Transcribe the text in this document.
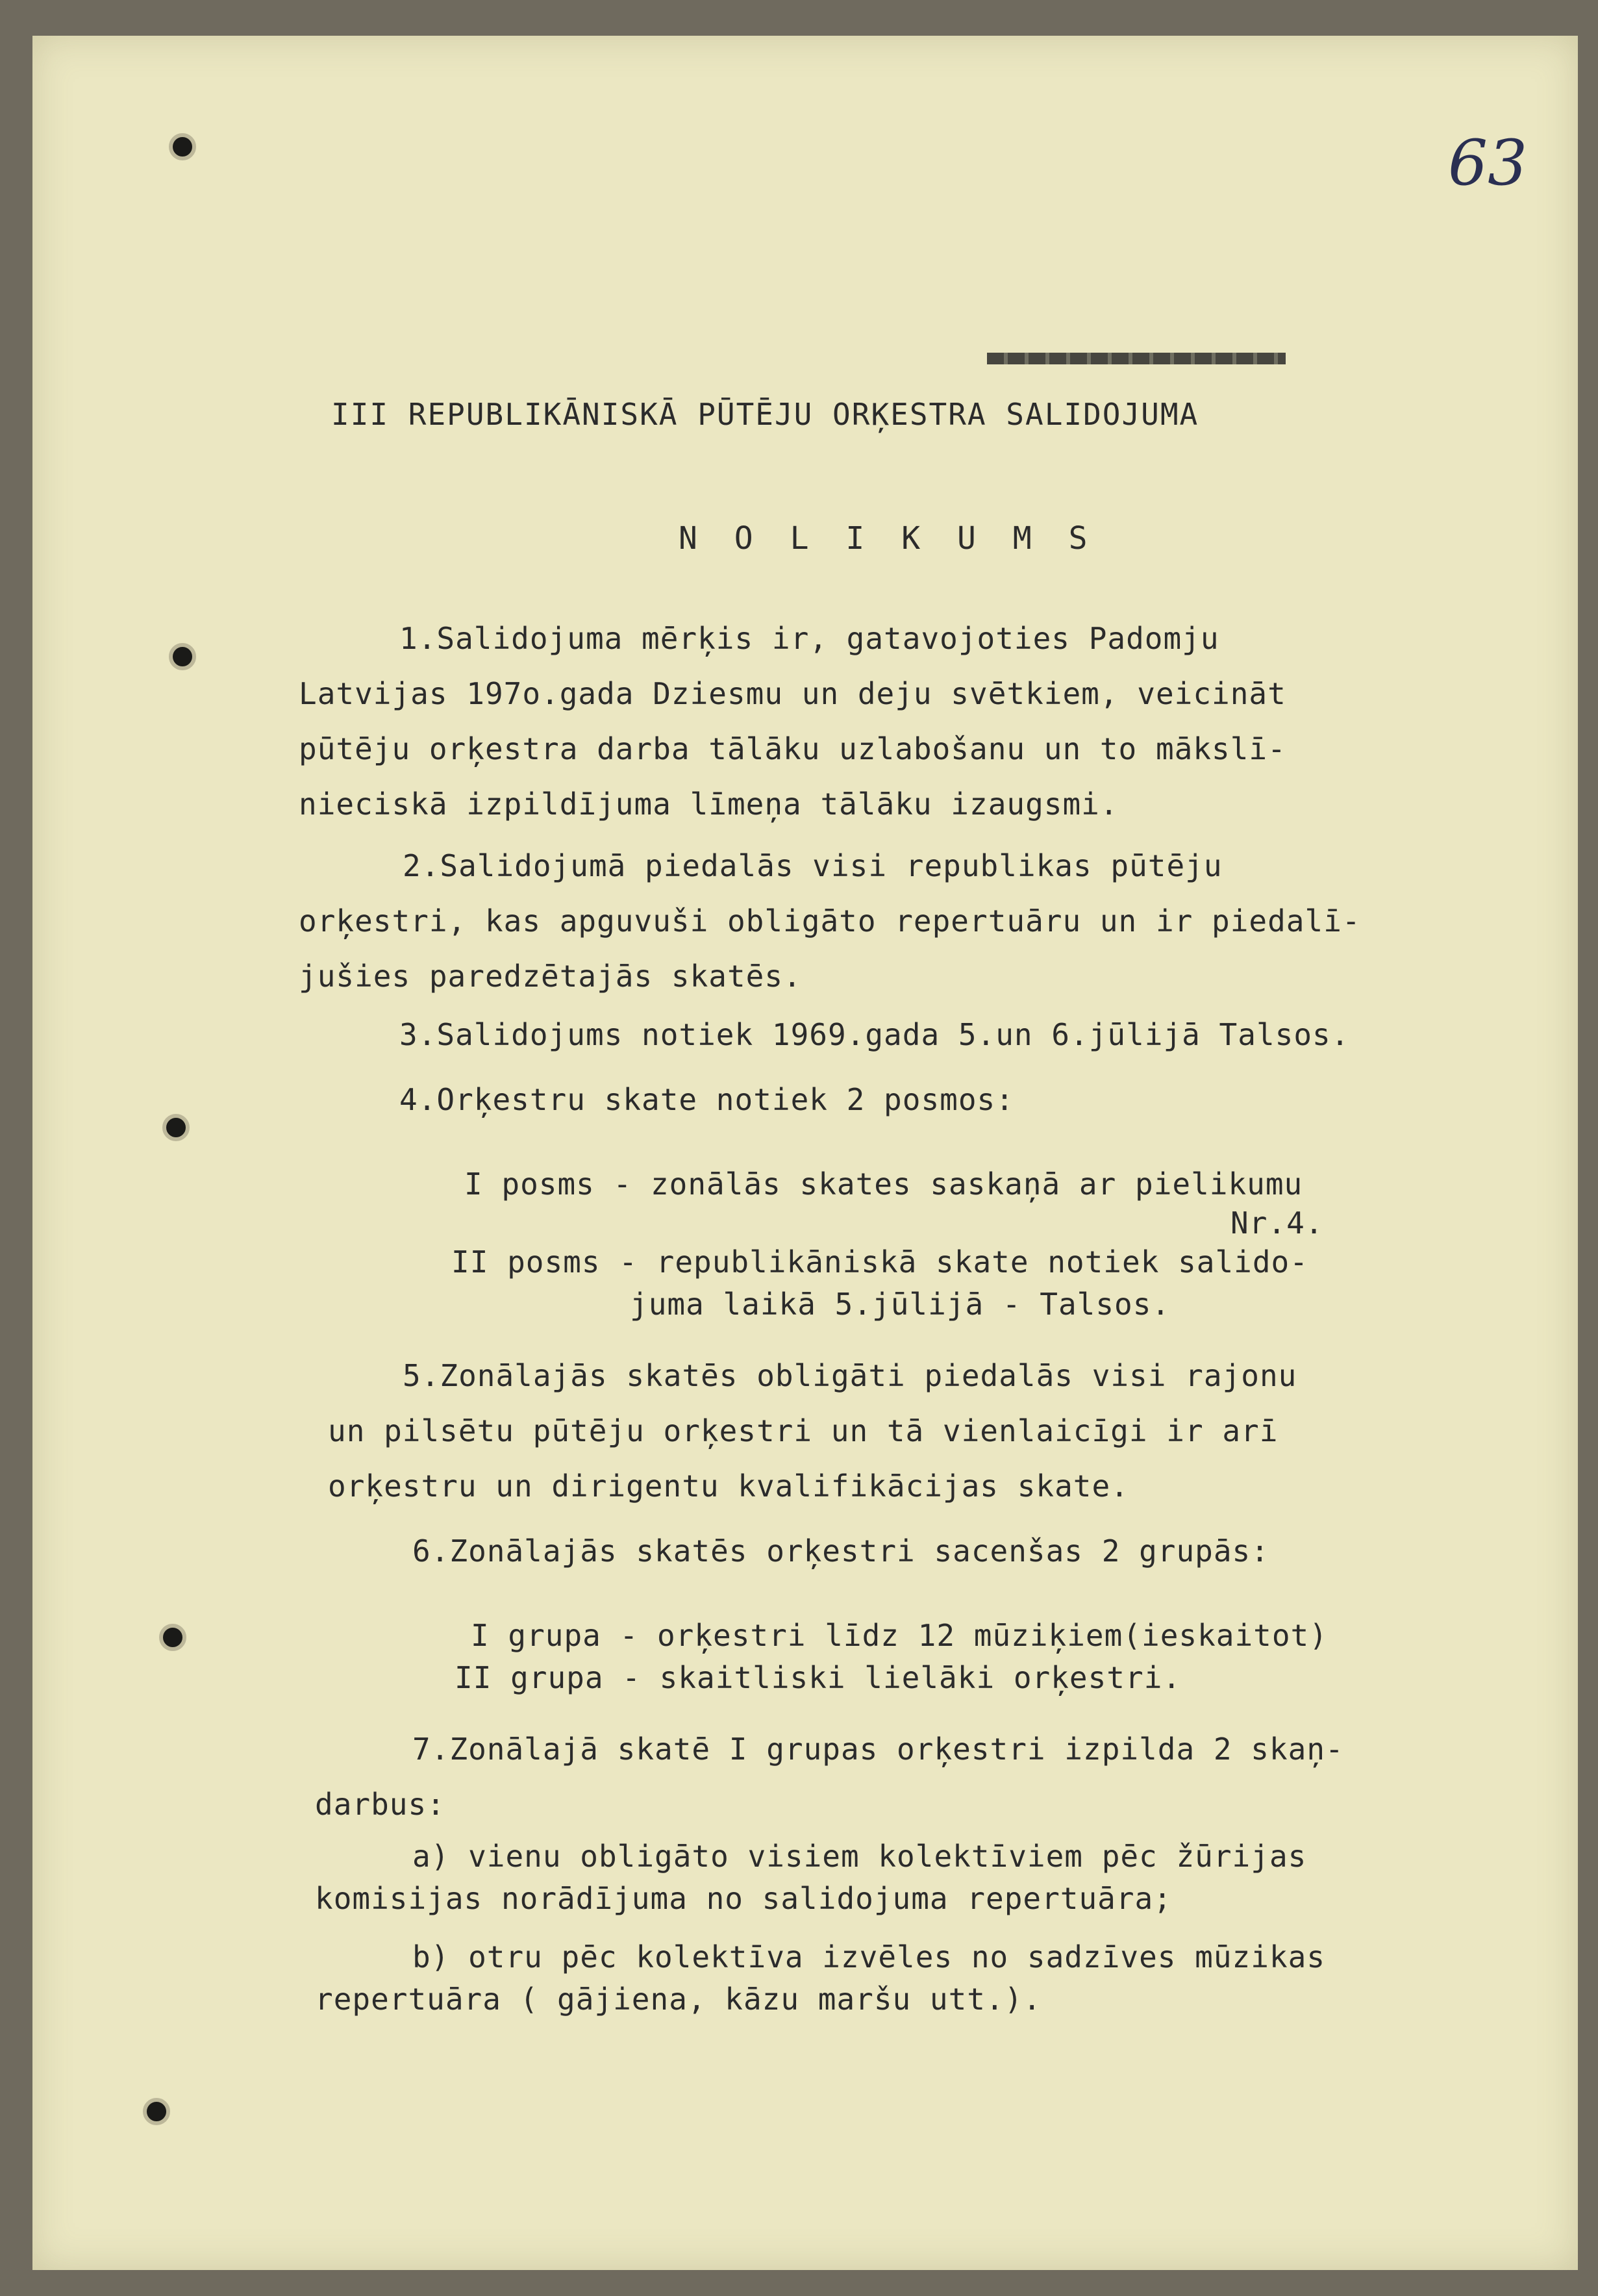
63
III REPUBLIKĀNISKĀ PŪTĒJU ORĶESTRA SALIDOJUMA
N O L I K U M S
1.Salidojuma mērķis ir, gatavojoties Padomju
Latvijas 197o.gada Dziesmu un deju svētkiem, veicināt
pūtēju orķestra darba tālāku uzlabošanu un to mākslī-
nieciskā izpildījuma līmeņa tālāku izaugsmi.
2.Salidojumā piedalās visi republikas pūtēju
orķestri, kas apguvuši obligāto repertuāru un ir piedalī-
jušies paredzētajās skatēs.
3.Salidojums notiek 1969.gada 5.un 6.jūlijā Talsos.
4.Orķestru skate notiek 2 posmos:
I posms - zonālās skates saskaņā ar pielikumu
Nr.4.
II posms - republikāniskā skate notiek salido-
juma laikā 5.jūlijā - Talsos.
5.Zonālajās skatēs obligāti piedalās visi rajonu
un pilsētu pūtēju orķestri un tā vienlaicīgi ir arī
orķestru un dirigentu kvalifikācijas skate.
6.Zonālajās skatēs orķestri sacenšas 2 grupās:
I grupa - orķestri līdz 12 mūziķiem(ieskaitot)
II grupa - skaitliski lielāki orķestri.
7.Zonālajā skatē I grupas orķestri izpilda 2 skaņ-
darbus:
a) vienu obligāto visiem kolektīviem pēc žūrijas
komisijas norādījuma no salidojuma repertuāra;
b) otru pēc kolektīva izvēles no sadzīves mūzikas
repertuāra ( gājiena, kāzu maršu utt.).
